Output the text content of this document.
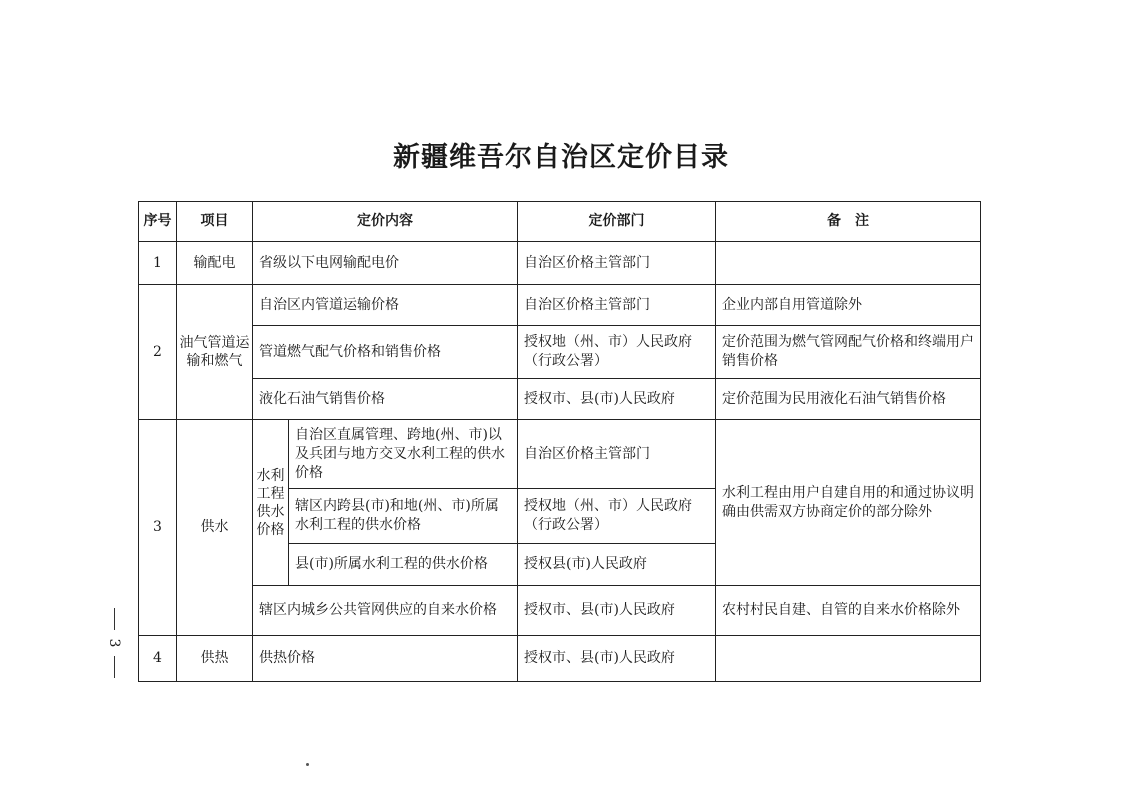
新疆维吾尔自治区定价目录
3
序号	项目	定价内容		定价部门	备　注
1	输配电	省级以下电网输配电价		自治区价格主管部门	
2	油气管道运输和燃气	自治区内管道运输价格		自治区价格主管部门	企业内部自用管道除外
		管道燃气配气价格和销售价格		授权地（州、市）人民政府（行政公署）	定价范围为燃气管网配气价格和终端用户销售价格
		液化石油气销售价格		授权市、县(市)人民政府	定价范围为民用液化石油气销售价格
3	供水	水利工程供水价格	自治区直属管理、跨地(州、市)以及兵团与地方交叉水利工程的供水价格	自治区价格主管部门	水利工程由用户自建自用的和通过协议明确由供需双方协商定价的部分除外
			辖区内跨县(市)和地(州、市)所属水利工程的供水价格	授权地（州、市）人民政府（行政公署）	
			县(市)所属水利工程的供水价格	授权县(市)人民政府	
		辖区内城乡公共管网供应的自来水价格		授权市、县(市)人民政府	农村村民自建、自管的自来水价格除外
4	供热	供热价格		授权市、县(市)人民政府	
